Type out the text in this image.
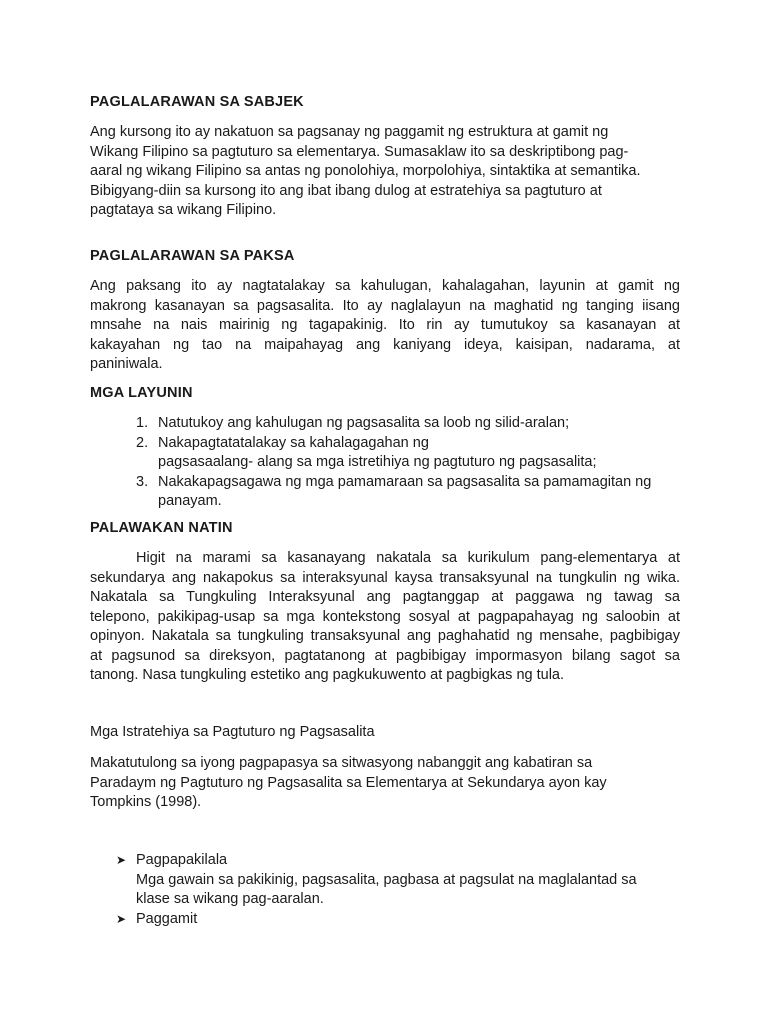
PAGLALARAWAN SA SABJEK
Ang kursong ito ay nakatuon sa pagsanay ng paggamit ng estruktura at gamit ng
Wikang Filipino sa pagtuturo sa elementarya. Sumasaklaw ito sa deskriptibong pag-
aaral ng wikang Filipino sa antas ng ponolohiya, morpolohiya, sintaktika at semantika.
Bibigyang-diin sa kursong ito ang ibat ibang dulog at estratehiya sa pagtuturo at
pagtataya sa wikang Filipino.
PAGLALARAWAN SA PAKSA
Ang paksang ito ay nagtatalakay sa kahulugan, kahalagahan, layunin at gamit ng
makrong kasanayan sa pagsasalita. Ito ay naglalayun na maghatid ng tanging iisang
mnsahe na nais mairinig ng tagapakinig. Ito rin ay tumutukoy sa kasanayan at
kakayahan ng tao na maipahayag ang kaniyang ideya, kaisipan, nadarama, at
paniniwala.
MGA LAYUNIN
1. Natutukoy ang kahulugan ng pagsasalita sa loob ng silid-aralan;
2. Nakapagtatatalakay sa kahalagagahan ng
pagsasaalang- alang sa mga istretihiya ng pagtuturo ng pagsasalita;
3. Nakakapagsagawa ng mga pamamaraan sa pagsasalita sa pamamagitan ng
panayam.
PALAWAKAN NATIN
Higit na marami sa kasanayang nakatala sa kurikulum pang-elementarya at
sekundarya ang nakapokus sa interaksyunal kaysa transaksyunal na tungkulin ng wika.
Nakatala sa Tungkuling Interaksyunal ang pagtanggap at paggawa ng tawag sa
telepono, pakikipag-usap sa mga kontekstong sosyal at pagpapahayag ng saloobin at
opinyon. Nakatala sa tungkuling transaksyunal ang paghahatid ng mensahe, pagbibigay
at pagsunod sa direksyon, pagtatanong at pagbibigay impormasyon bilang sagot sa
tanong. Nasa tungkuling estetiko ang pagkukuwento at pagbigkas ng tula.
Mga Istratehiya sa Pagtuturo ng Pagsasalita
Makatutulong sa iyong pagpapasya sa sitwasyong nabanggit ang kabatiran sa
Paradaym ng Pagtuturo ng Pagsasalita sa Elementarya at Sekundarya ayon kay
Tompkins (1998).
➤ Pagpapakilala
Mga gawain sa pakikinig, pagsasalita, pagbasa at pagsulat na maglalantad sa
klase sa wikang pag-aaralan.
➤ Paggamit
